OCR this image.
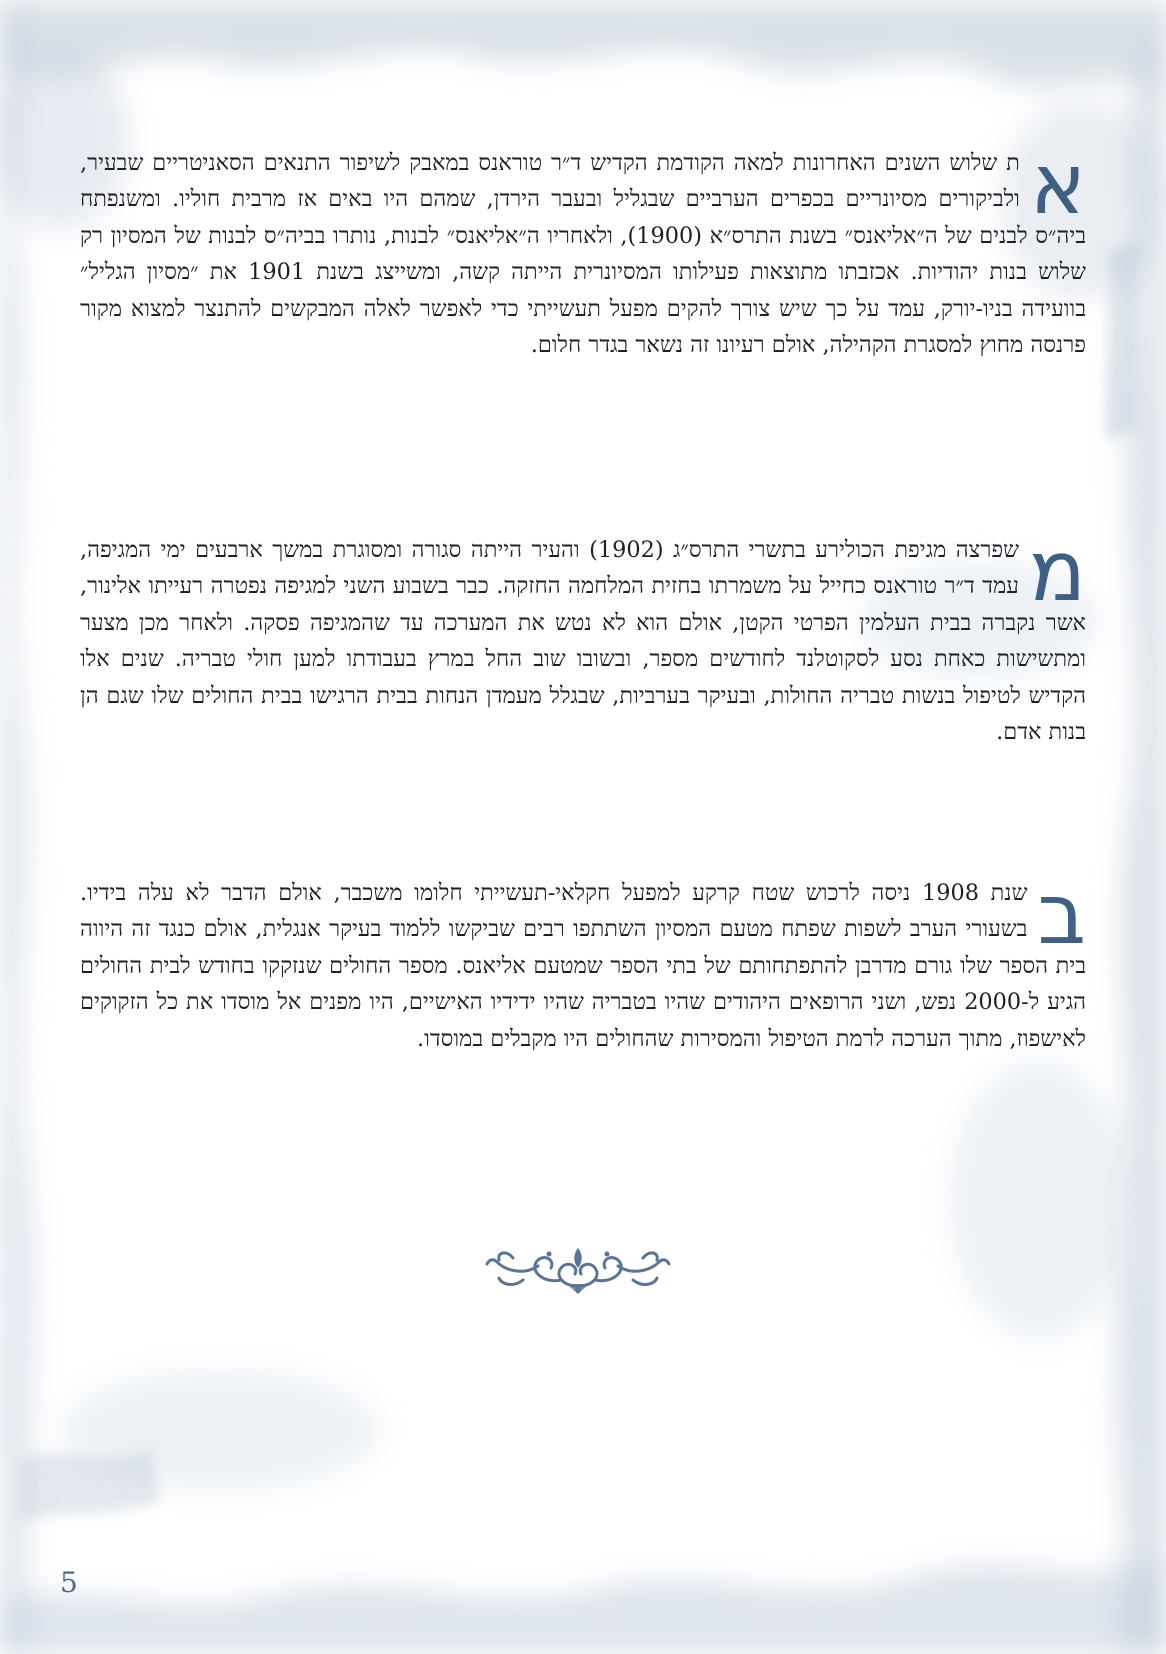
א
ת שלוש השנים האחרונות למאה הקודמת הקדיש ד״ר טוראנס במאבק לשיפור התנאים הסאניטריים שבעיר, ולביקורים מסיונריים בכפרים הערביים שבגליל ובעבר הירדן, שמהם היו באים אז מרבית חוליו. ומשנפתח ביה״ס לבנים של ה״אליאנס״ בשנת התרס״א (1900), ולאחריו ה״אליאנס״ לבנות, נותרו בביה״ס לבנות של המסיון רק שלוש בנות יהודיות. אכזבתו מתוצאות פעילותו המסיונרית הייתה קשה, ומשייצג בשנת 1901 את ״מסיון הגליל״ בוועידה בניו-יורק, עמד על כך שיש צורך להקים מפעל תעשייתי כדי לאפשר לאלה המבקשים להתנצר למצוא מקור פרנסה מחוץ למסגרת הקהילה, אולם רעיונו זה נשאר בגדר חלום.
מ
שפרצה מגיפת הכולירע בתשרי התרס״ג (1902) והעיר הייתה סגורה ומסוגרת במשך ארבעים ימי המגיפה, עמד ד״ר טוראנס כחייל על משמרתו בחזית המלחמה החזקה. כבר בשבוע השני למגיפה נפטרה רעייתו אלינור, אשר נקברה בבית העלמין הפרטי הקטן, אולם הוא לא נטש את המערכה עד שהמגיפה פסקה. ולאחר מכן מצער ומתשישות כאחת נסע לסקוטלנד לחודשים מספר, ובשובו שוב החל במרץ בעבודתו למען חולי טבריה. שנים אלו הקדיש לטיפול בנשות טבריה החולות, ובעיקר בערביות, שבגלל מעמדן הנחות בבית הרגישו בבית החולים שלו שגם הן בנות אדם.
ב
שנת 1908 ניסה לרכוש שטח קרקע למפעל חקלאי-תעשייתי חלומו משכבר, אולם הדבר לא עלה בידיו. בשעורי הערב לשפות שפתח מטעם המסיון השתתפו רבים שביקשו ללמוד בעיקר אנגלית, אולם כנגד זה היווה בית הספר שלו גורם מדרבן להתפתחותם של בתי הספר שמטעם אליאנס. מספר החולים שנזקקו בחודש לבית החולים הגיע ל-2000 נפש, ושני הרופאים היהודים שהיו בטבריה שהיו ידידיו האישיים, היו מפנים אל מוסדו את כל הזקוקים לאישפוז, מתוך הערכה לרמת הטיפול והמסירות שהחולים היו מקבלים במוסדו.
5
